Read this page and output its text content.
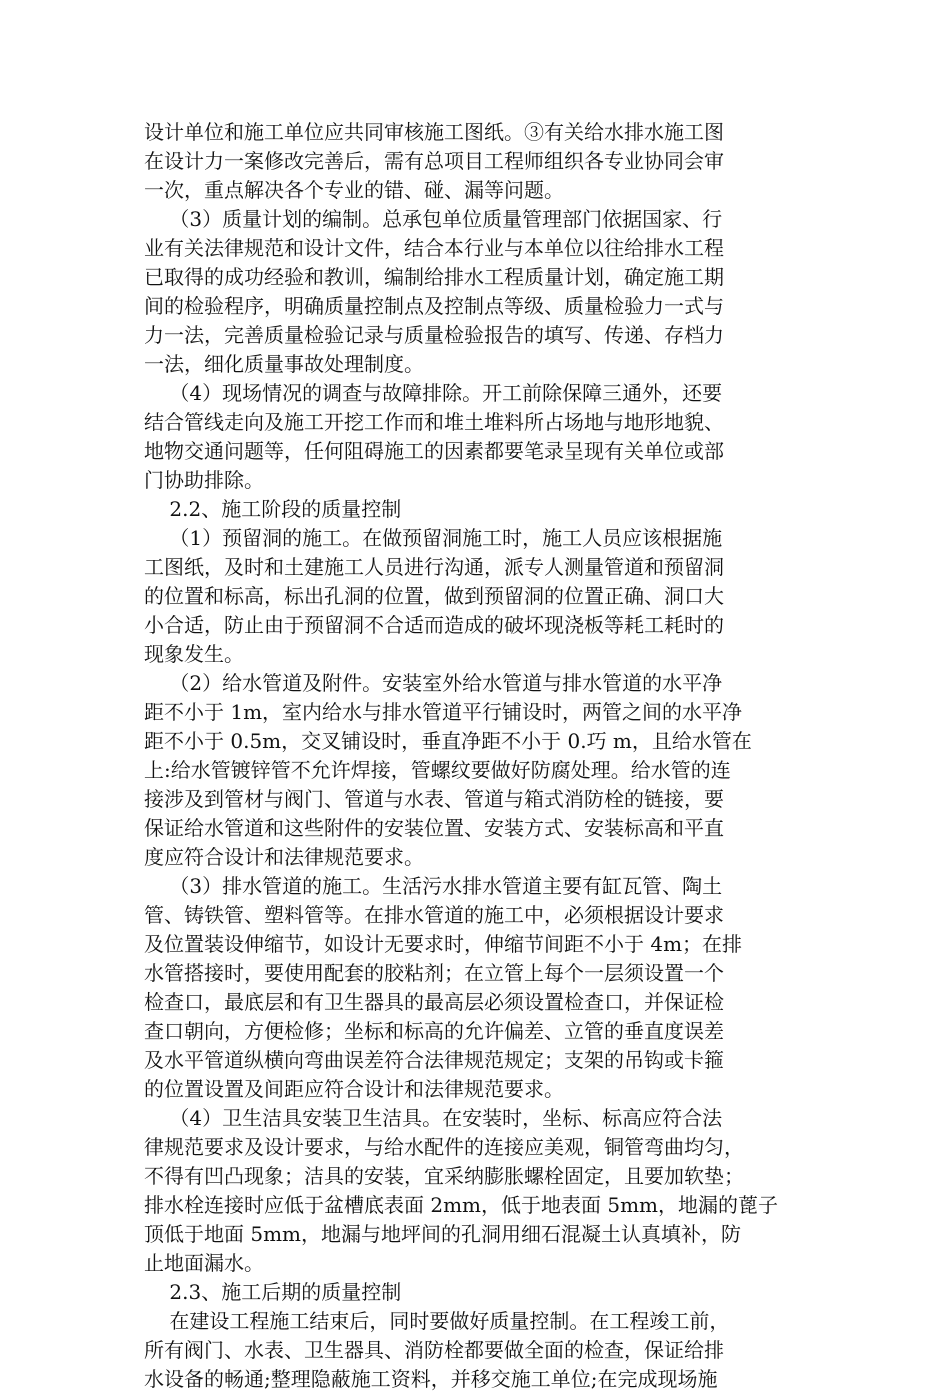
设计单位和施工单位应共同审核施工图纸。③有关给水排水施工图
在设计力一案修改完善后，需有总项目工程师组织各专业协同会审
一次，重点解决各个专业的错、碰、漏等问题。
（3）质量计划的编制。总承包单位质量管理部门依据国家、行
业有关法律规范和设计文件，结合本行业与本单位以往给排水工程
已取得的成功经验和教训，编制给排水工程质量计划，确定施工期
间的检验程序，明确质量控制点及控制点等级、质量检验力一式与
力一法，完善质量检验记录与质量检验报告的填写、传递、存档力
一法，细化质量事故处理制度。
（4）现场情况的调查与故障排除。开工前除保障三通外，还要
结合管线走向及施工开挖工作而和堆土堆料所占场地与地形地貌、
地物交通问题等，任何阻碍施工的因素都要笔录呈现有关单位或部
门协助排除。
2.2、施工阶段的质量控制
（1）预留洞的施工。在做预留洞施工时，施工人员应该根据施
工图纸，及时和土建施工人员进行沟通，派专人测量管道和预留洞
的位置和标高，标出孔洞的位置，做到预留洞的位置正确、洞口大
小合适，防止由于预留洞不合适而造成的破坏现浇板等耗工耗时的
现象发生。
（2）给水管道及附件。安装室外给水管道与排水管道的水平净
距不小于 1m，室内给水与排水管道平行铺设时，两管之间的水平净
距不小于 0.5m，交叉铺设时，垂直净距不小于 0.巧 m，且给水管在
上:给水管镀锌管不允许焊接，管螺纹要做好防腐处理。给水管的连
接涉及到管材与阀门、管道与水表、管道与箱式消防栓的链接，要
保证给水管道和这些附件的安装位置、安装方式、安装标高和平直
度应符合设计和法律规范要求。
（3）排水管道的施工。生活污水排水管道主要有缸瓦管、陶土
管、铸铁管、塑料管等。在排水管道的施工中，必须根据设计要求
及位置装设伸缩节，如设计无要求时，伸缩节间距不小于 4m；在排
水管搭接时，要使用配套的胶粘剂；在立管上每个一层须设置一个
检查口，最底层和有卫生器具的最高层必须设置检查口，并保证检
查口朝向，方便检修；坐标和标高的允许偏差、立管的垂直度误差
及水平管道纵横向弯曲误差符合法律规范规定；支架的吊钩或卡箍
的位置设置及间距应符合设计和法律规范要求。
（4）卫生洁具安装卫生洁具。在安装时，坐标、标高应符合法
律规范要求及设计要求，与给水配件的连接应美观，铜管弯曲均匀，
不得有凹凸现象；洁具的安装，宜采纳膨胀螺栓固定，且要加软垫；
排水栓连接时应低于盆槽底表面 2mm，低于地表面 5mm，地漏的蓖子
顶低于地面 5mm，地漏与地坪间的孔洞用细石混凝土认真填补，防
止地面漏水。
2.3、施工后期的质量控制
在建设工程施工结束后，同时要做好质量控制。在工程竣工前，
所有阀门、水表、卫生器具、消防栓都要做全面的检查，保证给排
水设备的畅通;整理隐蔽施工资料，并移交施工单位;在完成现场施
